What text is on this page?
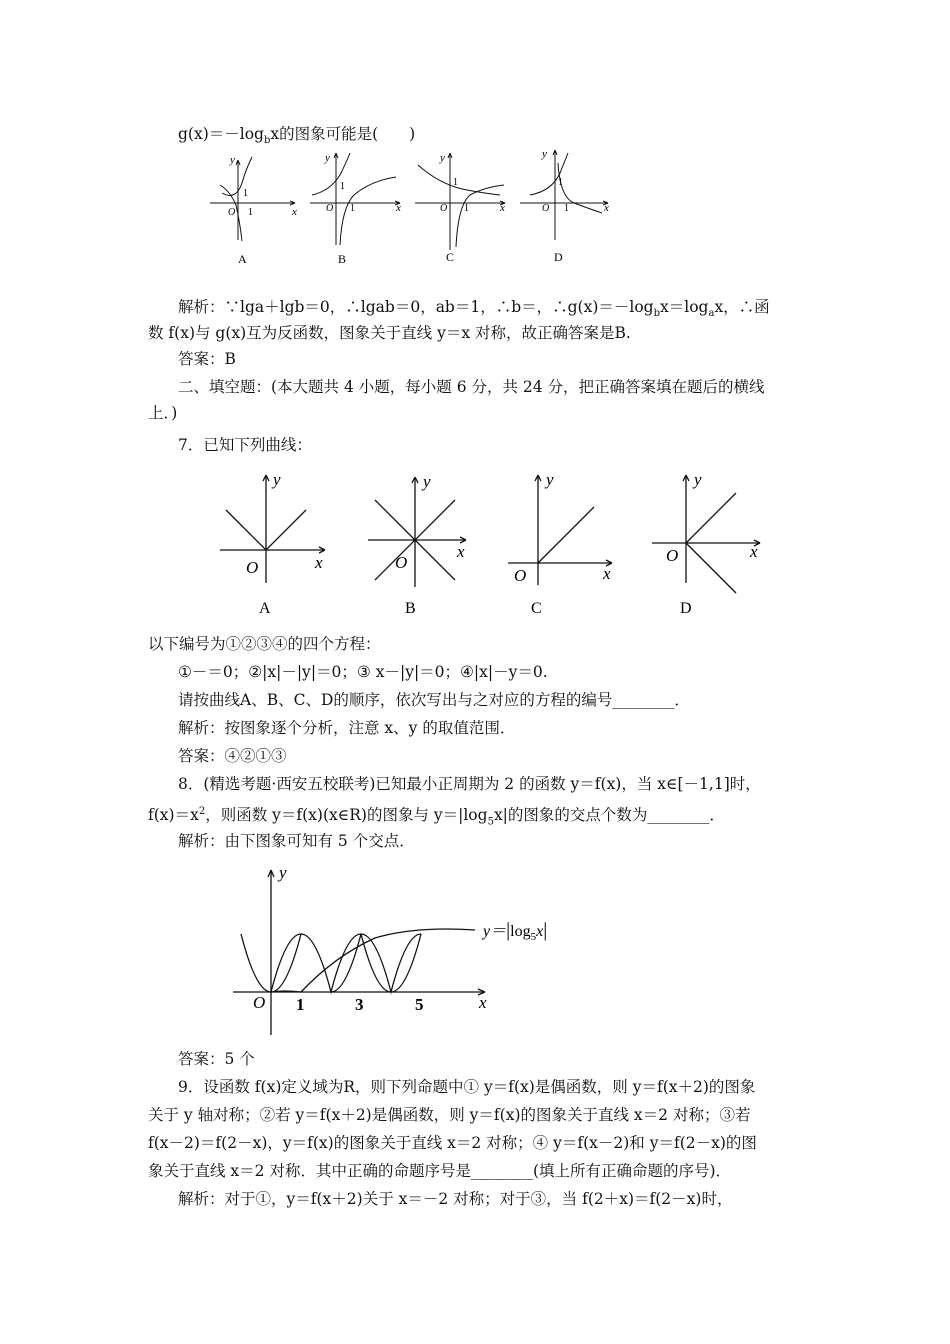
$g(x)=-\log_bx$的图象可能是(　　)
y
1
O 1	x
A
y
1
O 1	x
B
y
1
O 1	x
C
y
1
O 1	x
D
解析：∵lga＋lgb＝0，∴lgab＝0，ab＝1，∴b＝，$\therefore g(x)=-\log_bx=\log_ax$，∴函
数 f(x)与 g(x)互为反函数，图象关于直线 y＝x 对称，故正确答案是B.
答案：B
二、填空题：(本大题共 4 小题，每小题 6 分，共 24 分，把正确答案填在题后的横线
上．)
7．已知下列曲线：
y
O	x
A
y
O
x
B
y
O	x
C
y
O	x
D
以下编号为①②③④的四个方程：
①－＝0；②|x|－|y|＝0；③ x－|y|＝0；④|x|－y＝0.
请按曲线A、B、C、D的顺序，依次写出与之对应的方程的编号________．
解析：按图象逐个分析，注意 x、y 的取值范围．
答案：④②①③
8．(精选考题·西安五校联考)已知最小正周期为 2 的函数 y＝f(x)，当 x∈[－1,1]时，
$f(x)=x^2$，则函数 y＝f(x)(x∈R)的图象与 $y=|\log_5x|$的图象的交点个数为________．
解析：由下图象可知有 5 个交点．
y
O	x
1	3	5
$y=|\log_5x|$
答案：5 个
9．设函数 f(x)定义域为R，则下列命题中① y＝f(x)是偶函数，则 y＝f(x＋2)的图象
关于 y 轴对称；②若 y＝f(x＋2)是偶函数，则 y＝f(x)的图象关于直线 x＝2 对称；③若
f(x－2)＝f(2－x)，y＝f(x)的图象关于直线 x＝2 对称；④ y＝f(x－2)和 y＝f(2－x)的图
象关于直线 x＝2 对称．其中正确的命题序号是________(填上所有正确命题的序号)．
解析：对于①，y＝f(x＋2)关于 x＝－2 对称；对于③，当 f(2＋x)＝f(2－x)时，
